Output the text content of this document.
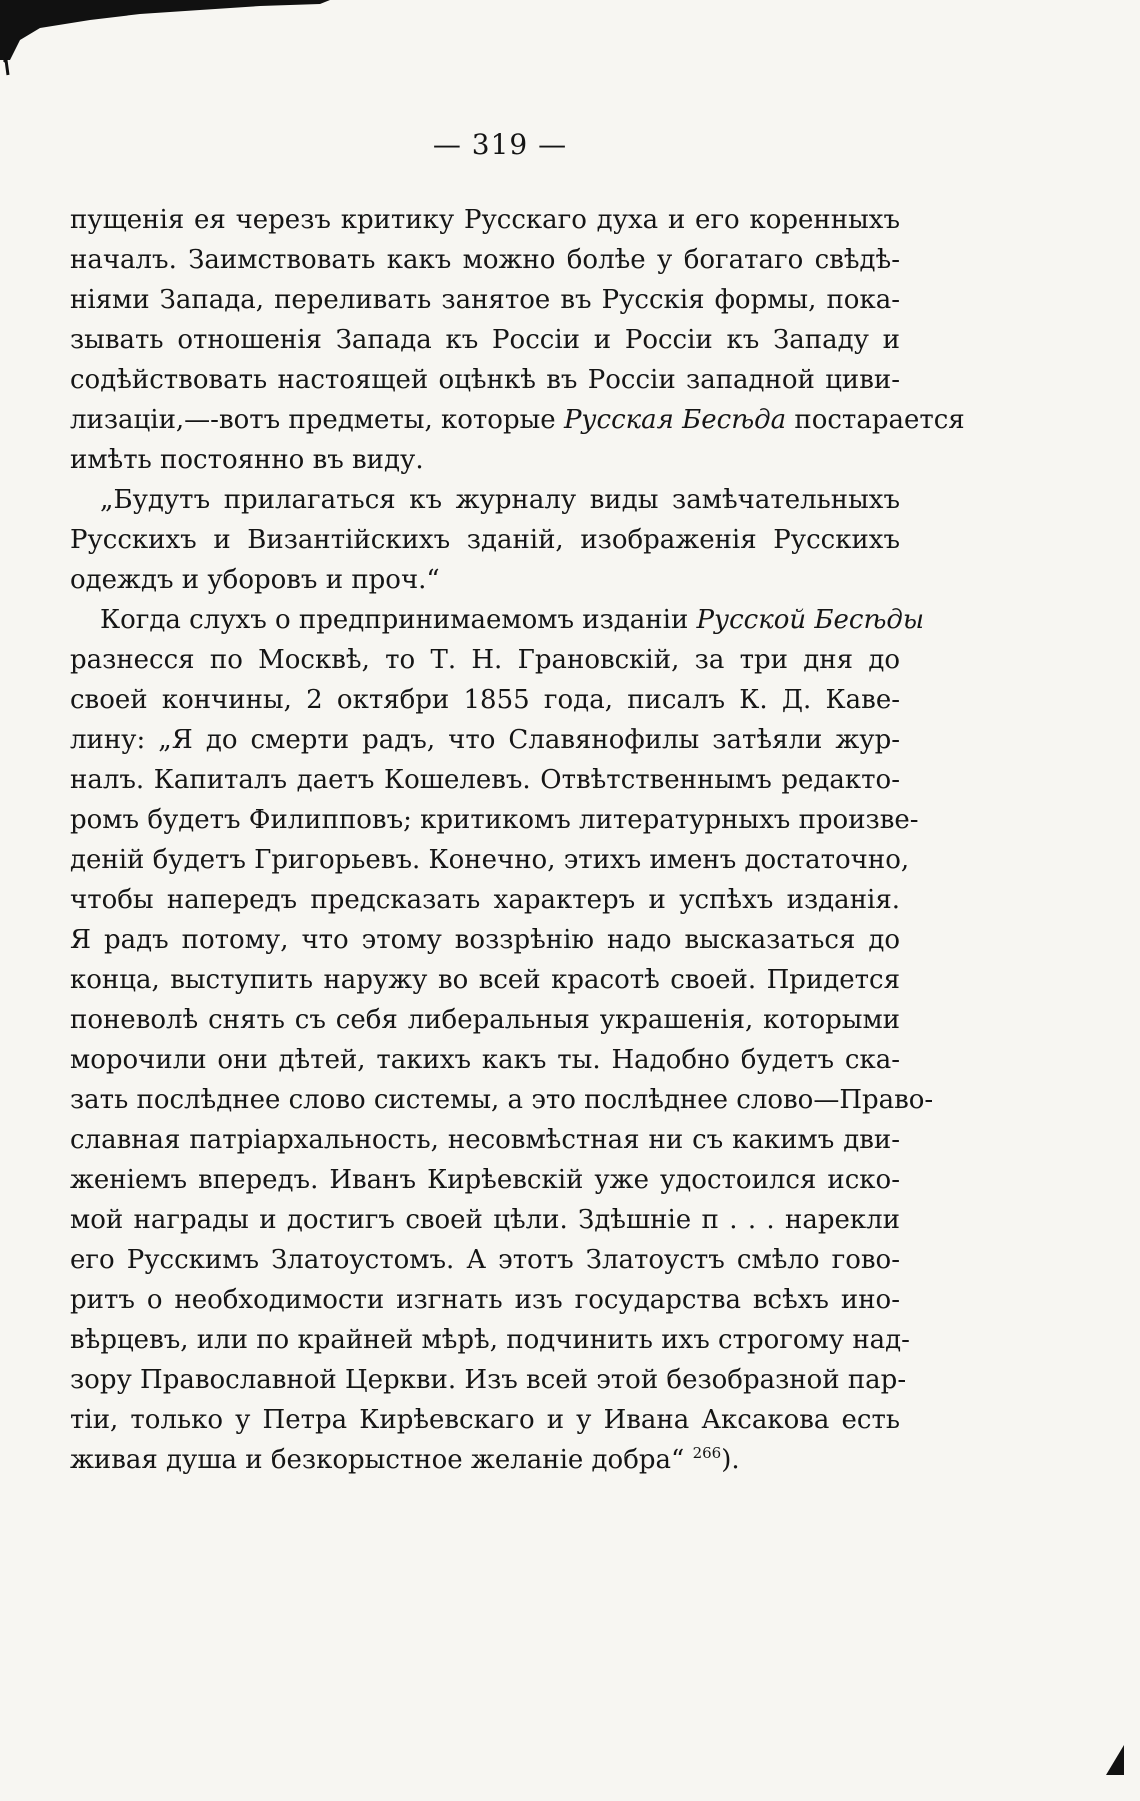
— 319 —
пущенія ея черезъ критику Русскаго духа и его коренныхъ
началъ. Заимствовать какъ можно болѣе у богатаго свѣдѣ-
ніями Запада, переливать занятое въ Русскія формы, пока-
зывать отношенія Запада къ Россіи и Россіи къ Западу и
содѣйствовать настоящей оцѣнкѣ въ Россіи западной циви-
лизаціи,—-вотъ предметы, которые Русская Бесѣда постарается
имѣть постоянно въ виду.
„Будутъ прилагаться къ журналу виды замѣчательныхъ
Русскихъ и Византійскихъ зданій, изображенія Русскихъ
одеждъ и уборовъ и проч.“
Когда слухъ о предпринимаемомъ изданіи Русской Бесѣды
разнесся по Москвѣ, то Т. Н. Грановскій, за три дня до
своей кончины, 2 октябри 1855 года, писалъ К. Д. Каве-
лину: „Я до смерти радъ, что Славянофилы затѣяли жур-
налъ. Капиталъ даетъ Кошелевъ. Отвѣтственнымъ редакто-
ромъ будетъ Филипповъ; критикомъ литературныхъ произве-
деній будетъ Григорьевъ. Конечно, этихъ именъ достаточно,
чтобы напередъ предсказать характеръ и успѣхъ изданія.
Я радъ потому, что этому воззрѣнію надо высказаться до
конца, выступить наружу во всей красотѣ своей. Придется
поневолѣ снять съ себя либеральныя украшенія, которыми
морочили они дѣтей, такихъ какъ ты. Надобно будетъ ска-
зать послѣднее слово системы, а это послѣднее слово—Право-
славная патріархальность, несовмѣстная ни съ какимъ дви-
женіемъ впередъ. Иванъ Кирѣевскій уже удостоился иско-
мой награды и достигъ своей цѣли. Здѣшніе п . . . нарекли
его Русскимъ Златоустомъ. А этотъ Златоустъ смѣло гово-
ритъ о необходимости изгнать изъ государства всѣхъ ино-
вѣрцевъ, или по крайней мѣрѣ, подчинить ихъ строгому над-
зору Православной Церкви. Изъ всей этой безобразной пар-
тіи, только у Петра Кирѣевскаго и у Ивана Аксакова есть
живая душа и безкорыстное желаніе добра“ $^{266}$).
